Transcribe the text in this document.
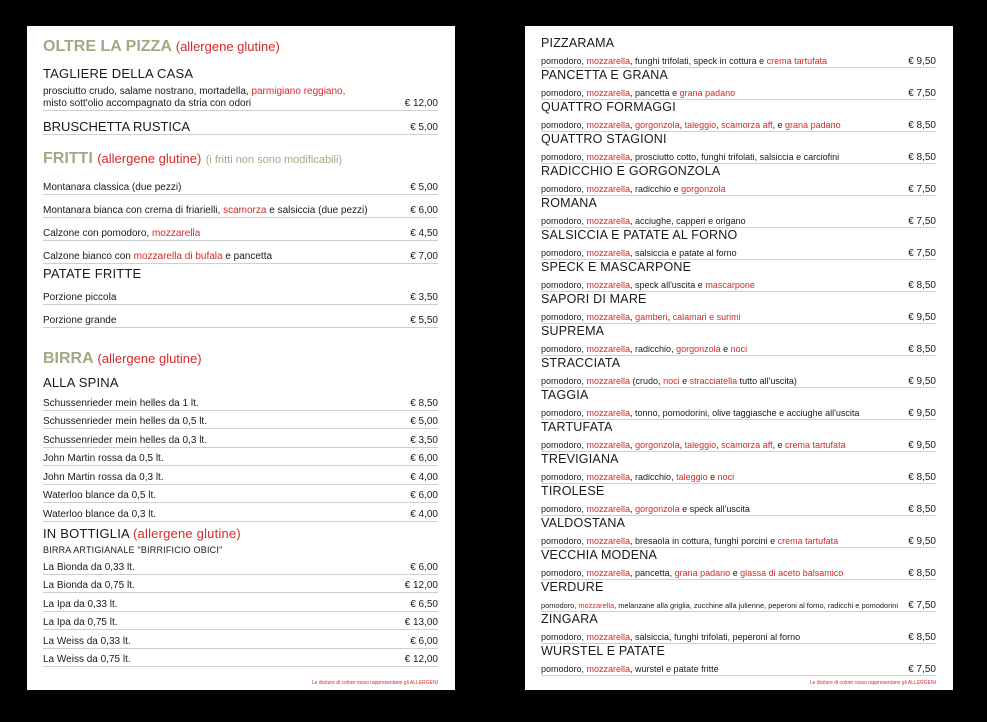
OLTRE LA PIZZA (allergene glutine)
TAGLIERE DELLA CASA
prosciutto crudo, salame nostrano, mortadella, parmigiano reggiano,
misto sott'olio accompagnato da stria con odori	€ 12,00
BRUSCHETTA RUSTICA	€ 5,00
FRITTI (allergene glutine) (i fritti non sono modificabili)
Montanara classica (due pezzi)	€ 5,00
Montanara bianca con crema di friarielli, scamorza e salsiccia (due pezzi)	€ 6,00
Calzone con pomodoro, mozzarella	€ 4,50
Calzone bianco con mozzarella di bufala e pancetta	€ 7,00
PATATE FRITTE
Porzione piccola	€ 3,50
Porzione grande	€ 5,50
BIRRA (allergene glutine)
ALLA SPINA
Schussenrieder mein helles da 1 lt.	€ 8,50
Schussenrieder mein helles da 0,5 lt.	€ 5,00
Schussenrieder mein helles da 0,3 lt.	€ 3,50
John Martin rossa da 0,5 lt.	€ 6,00
John Martin rossa da 0,3 lt.	€ 4,00
Waterloo blance da 0,5 lt.	€ 6,00
Waterloo blance da 0,3 lt.	€ 4,00
IN BOTTIGLIA (allergene glutine)
BIRRA ARTIGIANALE "BIRRIFICIO OBICI"
La Bionda da 0,33 lt.	€ 6,00
La Bionda da 0,75 lt.	€ 12,00
La Ipa da 0,33 lt.	€ 6,50
La Ipa da 0,75 lt.	€ 13,00
La Weiss da 0,33 lt.	€ 6,00
La Weiss da 0,75 lt.	€ 12,00
Le diciture di colore rosso rappresentano gli ALLERGENI
PIZZARAMA
pomodoro, mozzarella, funghi trifolati, speck in cottura e crema tartufata	€ 9,50
PANCETTA E GRANA
pomodoro, mozzarella, pancetta e grana padano	€ 7,50
QUATTRO FORMAGGI
pomodoro, mozzarella, gorgonzola, taleggio, scamorza aff, e grana padano	€ 8,50
QUATTRO STAGIONI
pomodoro, mozzarella, prosciutto cotto, funghi trifolati, salsiccia e carciofini	€ 8,50
RADICCHIO E GORGONZOLA
pomodoro, mozzarella, radicchio e gorgonzola	€ 7,50
ROMANA
pomodoro, mozzarella, acciughe, capperi e origano	€ 7,50
SALSICCIA E PATATE AL FORNO
pomodoro, mozzarella, salsiccia e patate al forno	€ 7,50
SPECK E MASCARPONE
pomodoro, mozzarella, speck all'uscita e mascarpone	€ 8,50
SAPORI DI MARE
pomodoro, mozzarella, gamberi, calamari e surimi	€ 9,50
SUPREMA
pomodoro, mozzarella, radicchio, gorgonzola e noci	€ 8,50
STRACCIATA
pomodoro, mozzarella (crudo, noci e stracciatella tutto all'uscita)	€ 9,50
TAGGIA
pomodoro, mozzarella, tonno, pomodorini, olive taggiasche e acciughe all'uscita	€ 9,50
TARTUFATA
pomodoro, mozzarella, gorgonzola, taleggio, scamorza aff, e crema tartufata	€ 9,50
TREVIGIANA
pomodoro, mozzarella, radicchio, taleggio e noci	€ 8,50
TIROLESE
pomodoro, mozzarella, gorgonzola e speck all'uscita	€ 8,50
VALDOSTANA
pomodoro, mozzarella, bresaola in cottura, funghi porcini e crema tartufata	€ 9,50
VECCHIA MODENA
pomodoro, mozzarella, pancetta, grana padano e glassa di aceto balsamico	€ 8,50
VERDURE
pomodoro, mozzarella, melanzane alla griglia, zucchine alla julienne, peperoni al forno, radicchi e pomodorini € 7,50
ZINGARA
pomodoro, mozzarella, salsiccia, funghi trifolati, peperoni al forno	€ 8,50
WURSTEL E PATATE
pomodoro, mozzarella, wurstel e patate fritte	€ 7,50
Le diciture di colore rosso rappresentano gli ALLERGENI
